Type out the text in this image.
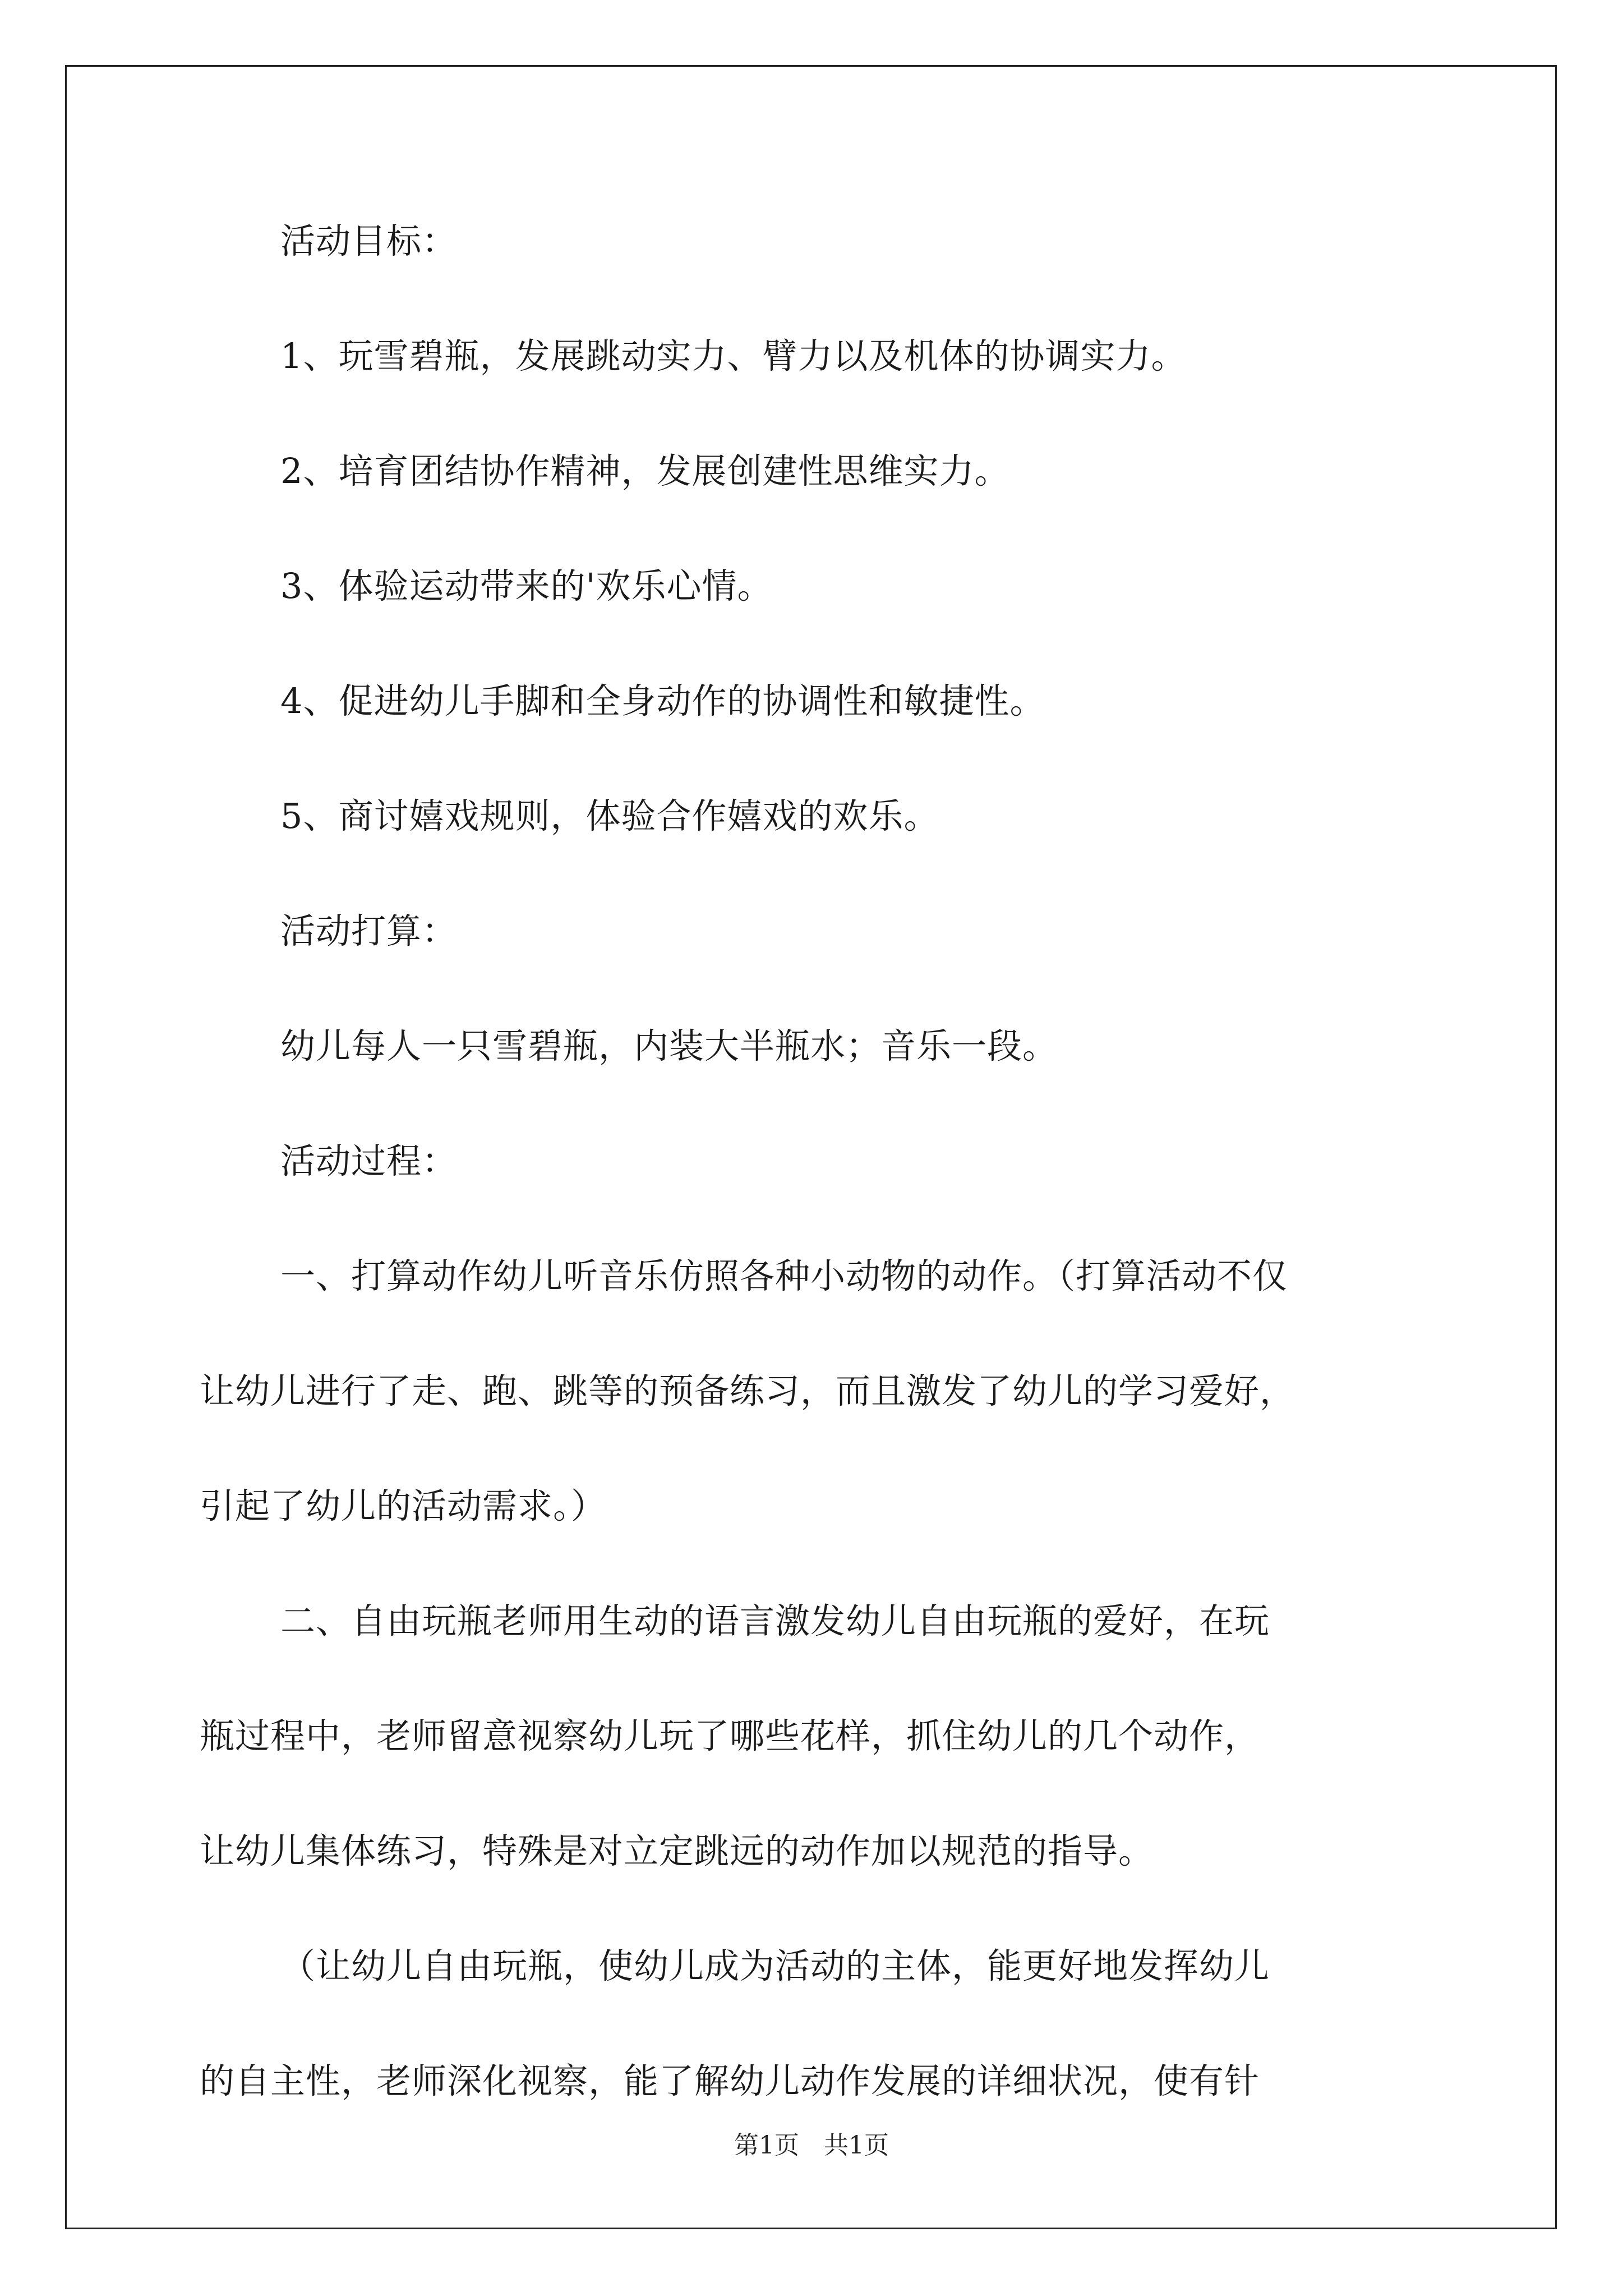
活动目标：
1、玩雪碧瓶，发展跳动实力、臂力以及机体的协调实力。
2、培育团结协作精神，发展创建性思维实力。
3、体验运动带来的'欢乐心情。
4、促进幼儿手脚和全身动作的协调性和敏捷性。
5、商讨嬉戏规则，体验合作嬉戏的欢乐。
活动打算：
幼儿每人一只雪碧瓶，内装大半瓶水；音乐一段。
活动过程：
一、打算动作幼儿听音乐仿照各种小动物的动作。（打算活动不仅
让幼儿进行了走、跑、跳等的预备练习，而且激发了幼儿的学习爱好，
引起了幼儿的活动需求。）
二、自由玩瓶老师用生动的语言激发幼儿自由玩瓶的爱好，在玩
瓶过程中，老师留意视察幼儿玩了哪些花样，抓住幼儿的几个动作，
让幼儿集体练习，特殊是对立定跳远的动作加以规范的指导。
（让幼儿自由玩瓶，使幼儿成为活动的主体，能更好地发挥幼儿
的自主性，老师深化视察，能了解幼儿动作发展的详细状况，使有针
第1页　共1页
